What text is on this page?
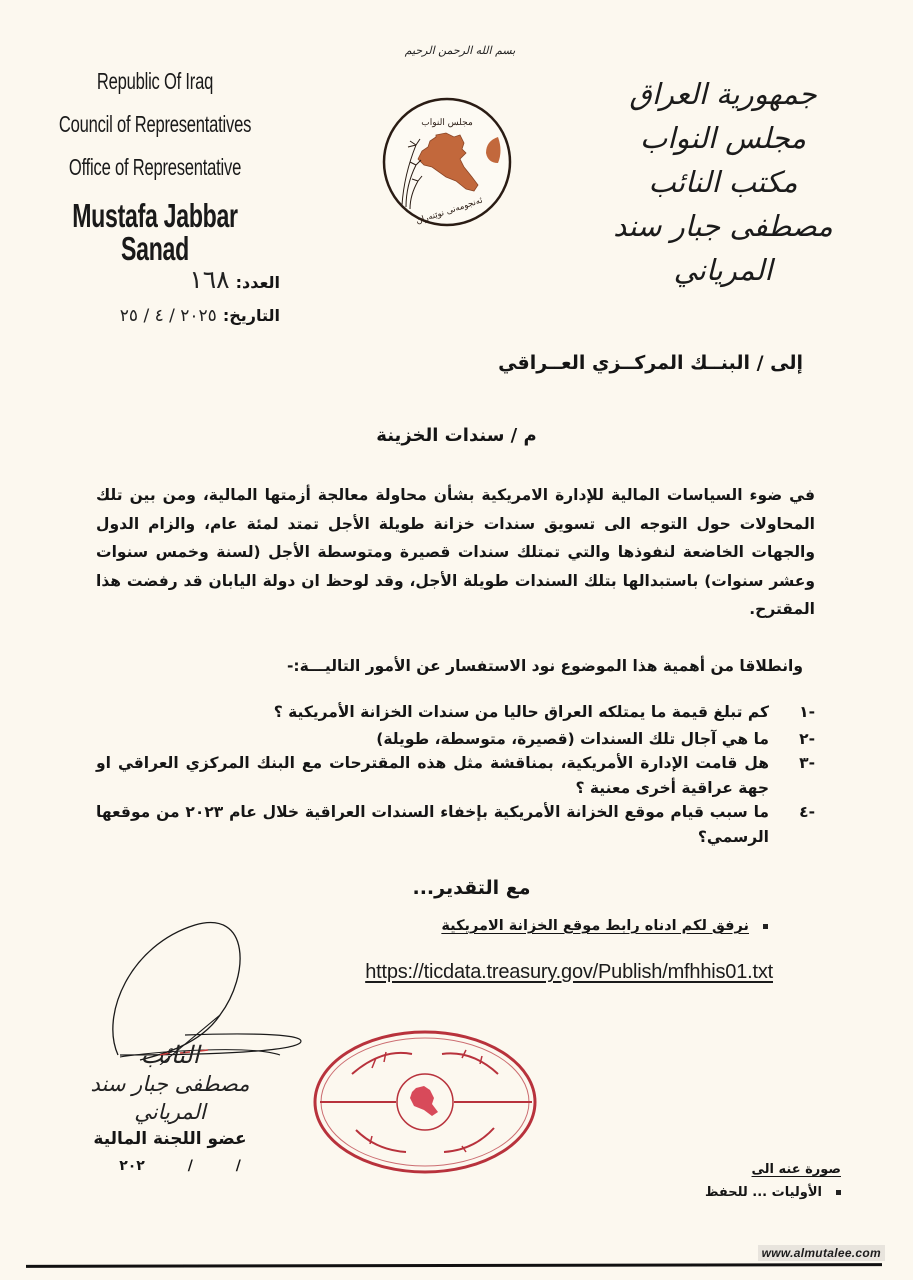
Republic Of Iraq
Council of Representatives
Office of Representative
Mustafa Jabbar Sanad
بسم الله الرحمن الرحيم
مجلس النواب
ئەنجومەنی نوێنەران
جمهورية العراق
مجلس النواب
مكتب النائب
مصطفى جبار سند المرياني
العدد:
١٦٨
التاريخ:
٢٠٢٥ / ٤ / ٢٥
إلى / البنــك المركــزي العــراقي
م / سندات الخزينة

في ضوء السياسات المالية للإدارة الامريكية بشأن محاولة معالجة أزمتها المالية، ومن بين تلك المحاولات حول التوجه الى تسويق سندات خزانة طويلة الأجل تمتد لمئة عام، والزام الدول والجهات الخاضعة لنفوذها والتي تمتلك سندات قصيرة ومتوسطة الأجل (لسنة وخمس سنوات وعشر سنوات) باستبدالها بتلك السندات طويلة الأجل، وقد لوحظ ان دولة اليابان قد رفضت هذا المقترح.

وانطلاقا من أهمية هذا الموضوع نود الاستفسار عن الأمور التاليـــة:-
-١
كم تبلغ قيمة ما يمتلكه العراق حاليا من سندات الخزانة الأمريكية ؟
-٢
ما هي آجال تلك السندات (قصيرة، متوسطة، طويلة)
-٣
هل قامت الإدارة الأمريكية، بمناقشة مثل هذه المقترحات مع البنك المركزي العراقي او جهة عراقية أخرى معنية ؟
-٤
ما سبب قيام موقع الخزانة الأمريكية بإخفاء السندات العراقية خلال عام ٢٠٢٣ من موقعها الرسمي؟
مع التقدير...
نرفق لكم ادناه رابط موقع الخزانة الامريكية
https://ticdata.treasury.gov/Publish/mfhhis01.txt
النائب
مصطفى جبار سند المرياني
عضو اللجنة المالية
/ / ٢٠٢	صورة عنه الى
الأوليات ... للحفظ
www.almutalee.com
